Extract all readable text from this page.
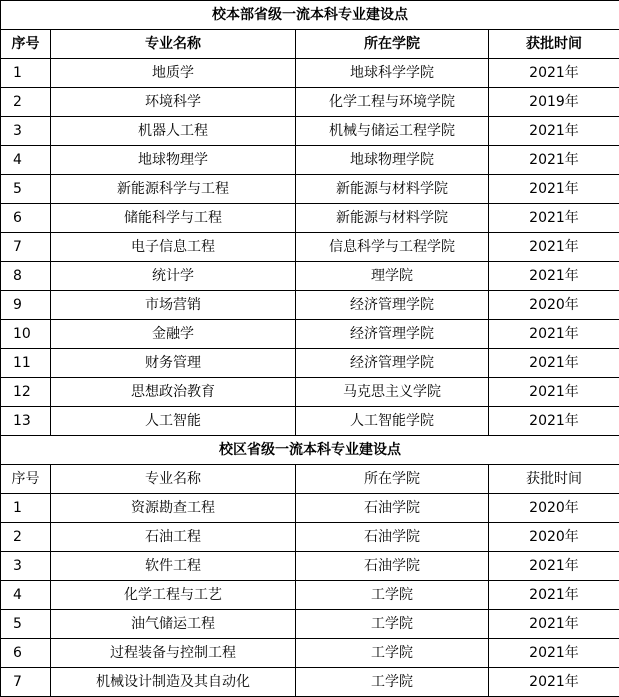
校本部省级一流本科专业建设点			
序号	专业名称	所在学院	获批时间
1	地质学	地球科学学院	2021年
2	环境科学	化学工程与环境学院	2019年
3	机器人工程	机械与储运工程学院	2021年
4	地球物理学	地球物理学院	2021年
5	新能源科学与工程	新能源与材料学院	2021年
6	储能科学与工程	新能源与材料学院	2021年
7	电子信息工程	信息科学与工程学院	2021年
8	统计学	理学院	2021年
9	市场营销	经济管理学院	2020年
10	金融学	经济管理学院	2021年
11	财务管理	经济管理学院	2021年
12	思想政治教育	马克思主义学院	2021年
13	人工智能	人工智能学院	2021年
校区省级一流本科专业建设点			
序号	专业名称	所在学院	获批时间
1	资源勘查工程	石油学院	2020年
2	石油工程	石油学院	2020年
3	软件工程	石油学院	2021年
4	化学工程与工艺	工学院	2021年
5	油气储运工程	工学院	2021年
6	过程装备与控制工程	工学院	2021年
7	机械设计制造及其自动化	工学院	2021年
